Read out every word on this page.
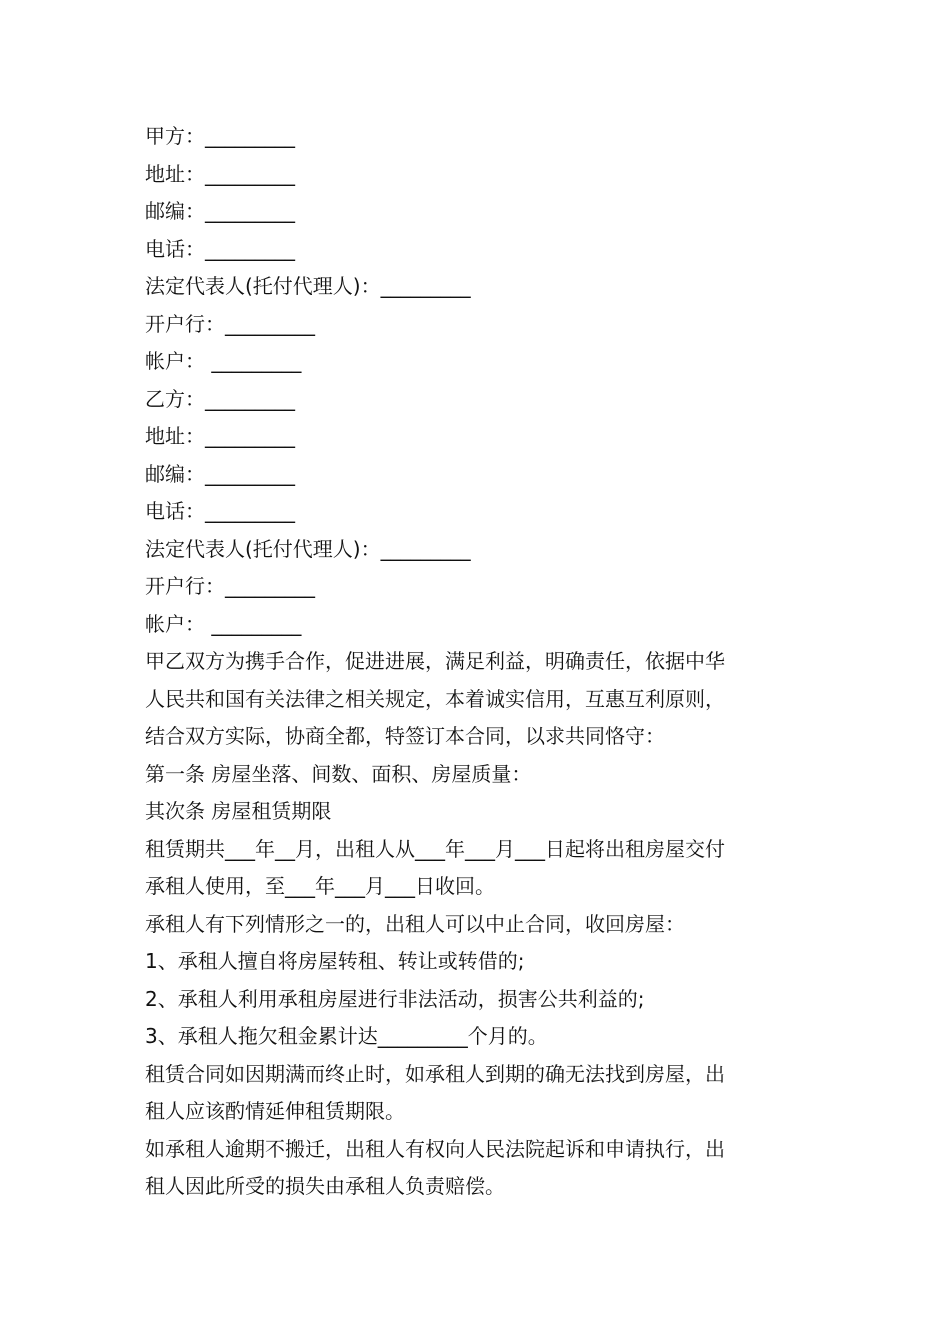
甲方：_________
地址：_________
邮编：_________
电话：_________
法定代表人(托付代理人)：_________
开户行：_________
帐户： _________
乙方：_________
地址：_________
邮编：_________
电话：_________
法定代表人(托付代理人)：_________
开户行：_________
帐户： _________
甲乙双方为携手合作，促进进展，满足利益，明确责任，依据中华
人民共和国有关法律之相关规定，本着诚实信用，互惠互利原则，
结合双方实际，协商全都，特签订本合同，以求共同恪守：
第一条 房屋坐落、间数、面积、房屋质量：
其次条 房屋租赁期限
租赁期共___年__月，出租人从___年___月___日起将出租房屋交付
承租人使用，至___年___月___日收回。
承租人有下列情形之一的，出租人可以中止合同，收回房屋：
1、承租人擅自将房屋转租、转让或转借的;
2、承租人利用承租房屋进行非法活动，损害公共利益的;
3、承租人拖欠租金累计达_________个月的。
租赁合同如因期满而终止时，如承租人到期的确无法找到房屋，出
租人应该酌情延伸租赁期限。
如承租人逾期不搬迁，出租人有权向人民法院起诉和申请执行，出
租人因此所受的损失由承租人负责赔偿。
